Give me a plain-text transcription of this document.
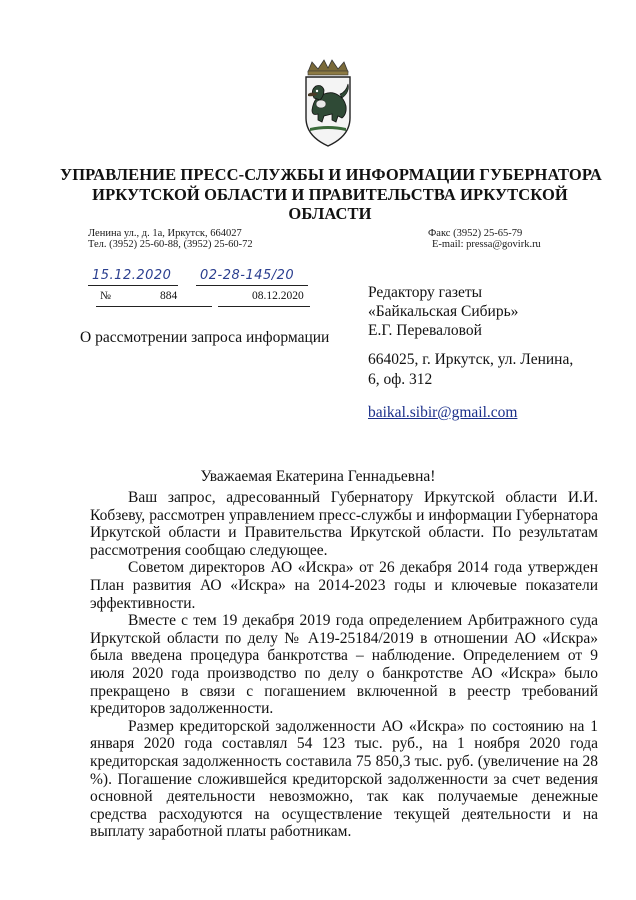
УПРАВЛЕНИЕ ПРЕСС-СЛУЖБЫ И ИНФОРМАЦИИ ГУБЕРНАТОРА
ИРКУТСКОЙ ОБЛАСТИ И ПРАВИТЕЛЬСТВА ИРКУТСКОЙ
ОБЛАСТИ
Ленина ул., д. 1а, Иркутск, 664027
Тел. (3952) 25-60-88, (3952) 25-60-72
Факс (3952) 25-65-79
E-mail: pressa@govirk.ru
15.12.2020 02-28-145/20
№	884	08.12.2020	Редактору газеты
«Байкальская Сибирь»
Е.Г. Переваловой
664025, г. Иркутск, ул. Ленина,
6, оф. 312
baikal.sibir@gmail.com
О рассмотрении запроса информации
Уважаемая Екатерина Геннадьевна!

Ваш запрос, адресованный Губернатору Иркутской области И.И. Кобзеву, рассмотрен управлением пресс-службы и информации Губернатора Иркутской области и Правительства Иркутской области. По результатам рассмотрения сообщаю следующее.

Советом директоров АО «Искра» от 26 декабря 2014 года утвержден План развития АО «Искра» на 2014-2023 годы и ключевые показатели эффективности.

Вместе с тем 19 декабря 2019 года определением Арбитражного суда Иркутской области по делу № А19-25184/2019 в отношении АО «Искра» была введена процедура банкротства – наблюдение. Определением от 9 июля 2020 года производство по делу о банкротстве АО «Искра» было прекращено в связи с погашением включенной в реестр требований кредиторов задолженности.

Размер кредиторской задолженности АО «Искра» по состоянию на 1 января 2020 года составлял 54 123 тыс. руб., на 1 ноября 2020 года кредиторская задолженность составила 75 850,3 тыс. руб. (увеличение на 28 %). Погашение сложившейся кредиторской задолженности за счет ведения основной деятельности невозможно, так как получаемые денежные средства расходуются на осуществление текущей деятельности и на выплату заработной платы работникам.
